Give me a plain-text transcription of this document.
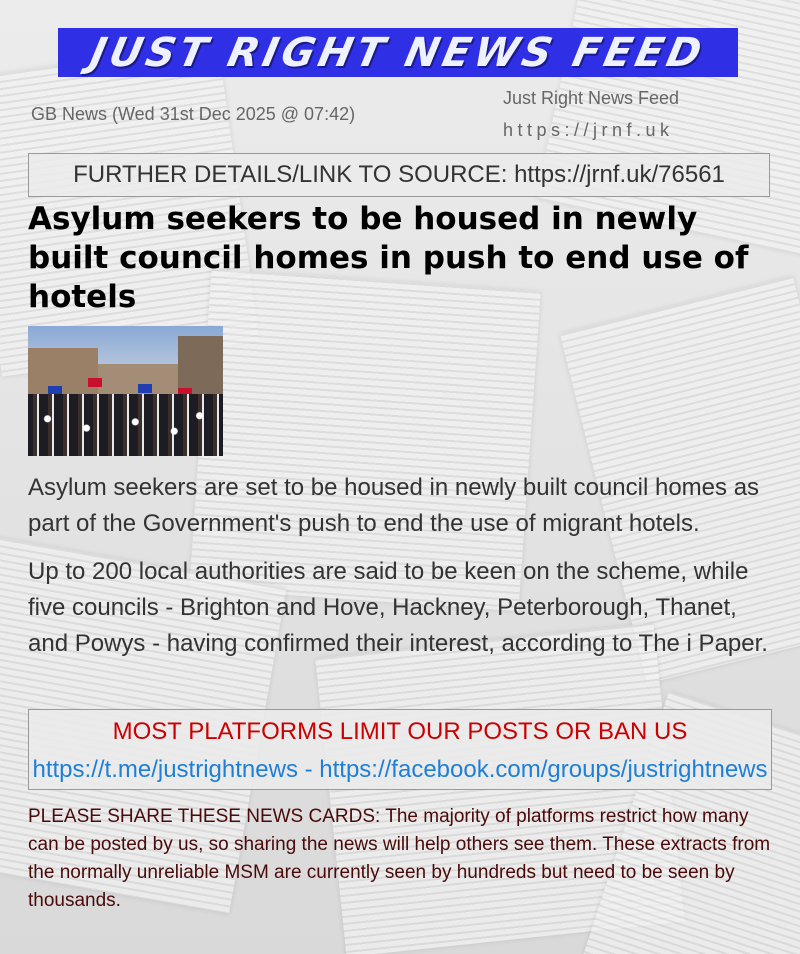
JUST RIGHT NEWS FEED
GB News (Wed 31st Dec 2025 @ 07:42)
Just Right News Feed
https://jrnf.uk
FURTHER DETAILS/LINK TO SOURCE: https://jrnf.uk/76561
Asylum seekers to be housed in newly built council homes in push to end use of hotels

Asylum seekers are set to be housed in newly built council homes as part of the Government's push to end the use of migrant hotels.

Up to 200 local authorities are said to be keen on the scheme, while five councils - Brighton and Hove, Hackney, Peterborough, Thanet, and Powys - having confirmed their interest, according to The i Paper.

MOST PLATFORMS LIMIT OUR POSTS OR BAN US
https://t.me/justrightnews - https://facebook.com/groups/justrightnews

PLEASE SHARE THESE NEWS CARDS: The majority of platforms restrict how many can be posted by us, so sharing the news will help others see them. These extracts from the normally unreliable MSM are currently seen by hundreds but need to be seen by thousands.
